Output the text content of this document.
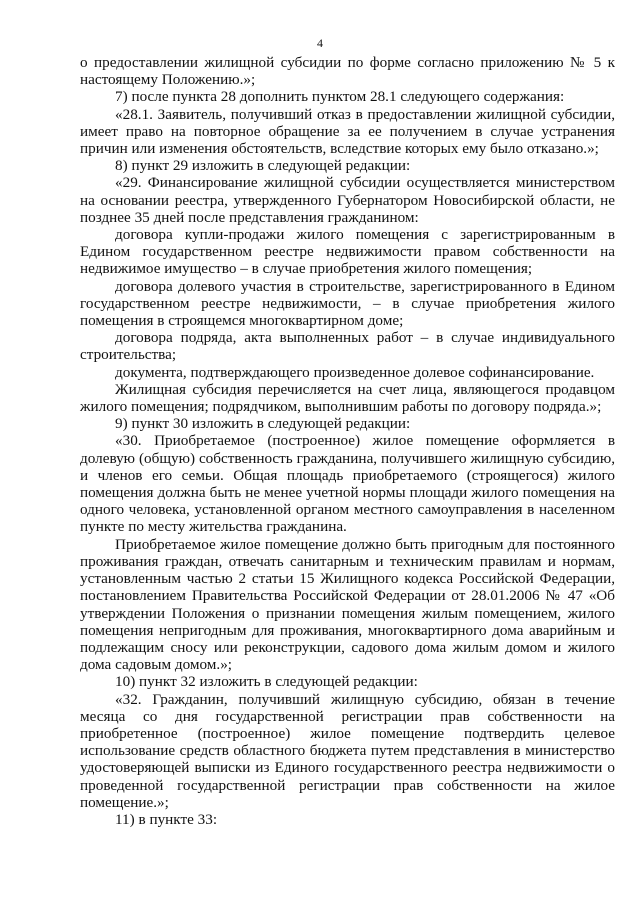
4

о предоставлении жилищной субсидии по форме согласно приложению № 5 к настоящему Положению.»;

7) после пункта 28 дополнить пунктом 28.1 следующего содержания:

«28.1. Заявитель, получивший отказ в предоставлении жилищной субсидии, имеет право на повторное обращение за ее получением в случае устранения причин или изменения обстоятельств, вследствие которых ему было отказано.»;

8) пункт 29 изложить в следующей редакции:

«29. Финансирование жилищной субсидии осуществляется министерством на основании реестра, утвержденного Губернатором Новосибирской области, не позднее 35 дней после представления гражданином:

договора купли-продажи жилого помещения с зарегистрированным в Едином государственном реестре недвижимости правом собственности на недвижимое имущество – в случае приобретения жилого помещения;

договора долевого участия в строительстве, зарегистрированного в Едином государственном реестре недвижимости, – в случае приобретения жилого помещения в строящемся многоквартирном доме;

договора подряда, акта выполненных работ – в случае индивидуального строительства;

документа, подтверждающего произведенное долевое софинансирование.

Жилищная субсидия перечисляется на счет лица, являющегося продавцом жилого помещения; подрядчиком, выполнившим работы по договору подряда.»;

9) пункт 30 изложить в следующей редакции:

«30. Приобретаемое (построенное) жилое помещение оформляется в долевую (общую) собственность гражданина, получившего жилищную субсидию, и членов его семьи. Общая площадь приобретаемого (строящегося) жилого помещения должна быть не менее учетной нормы площади жилого помещения на одного человека, установленной органом местного самоуправления в населенном пункте по месту жительства гражданина.

Приобретаемое жилое помещение должно быть пригодным для постоянного проживания граждан, отвечать санитарным и техническим правилам и нормам, установленным частью 2 статьи 15 Жилищного кодекса Российской Федерации, постановлением Правительства Российской Федерации от 28.01.2006 № 47 «Об утверждении Положения о признании помещения жилым помещением, жилого помещения непригодным для проживания, многоквартирного дома аварийным и подлежащим сносу или реконструкции, садового дома жилым домом и жилого дома садовым домом.»;

10) пункт 32 изложить в следующей редакции:

«32. Гражданин, получивший жилищную субсидию, обязан в течение месяца со дня государственной регистрации прав собственности на приобретенное (построенное) жилое помещение подтвердить целевое использование средств областного бюджета путем представления в министерство удостоверяющей выписки из Единого государственного реестра недвижимости о проведенной государственной регистрации прав собственности на жилое помещение.»;

11) в пункте 33:
